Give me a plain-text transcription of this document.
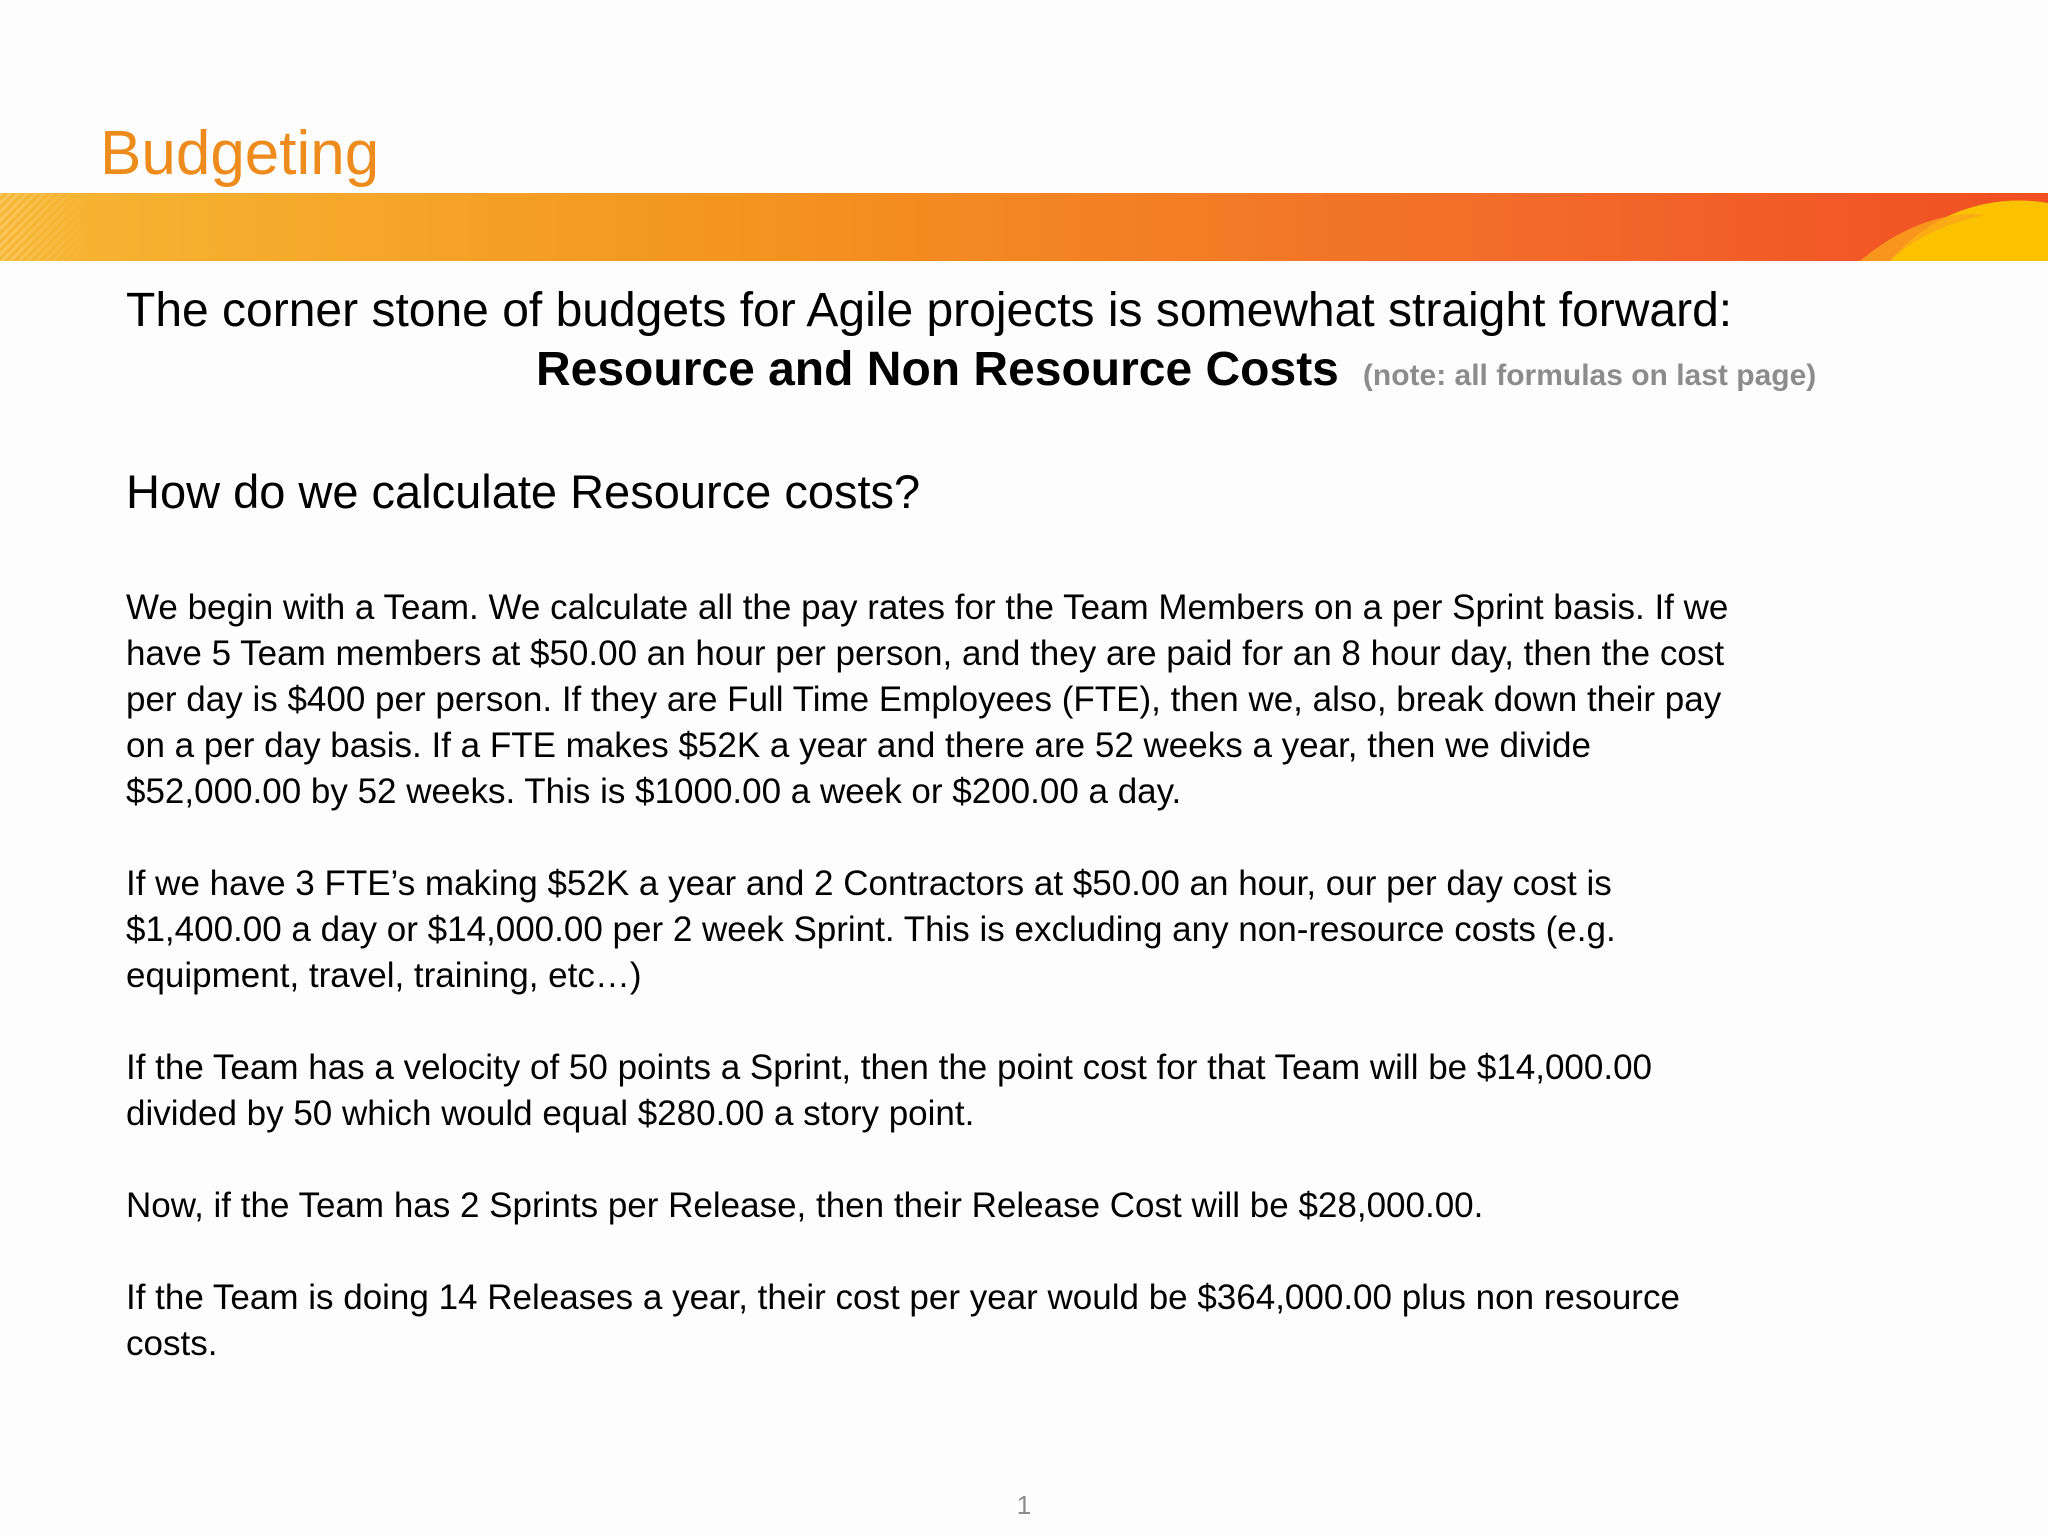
Budgeting

The corner stone of budgets for Agile projects is somewhat straight forward:

Resource and Non Resource Costs (note: all formulas on last page)

How do we calculate Resource costs?

We begin with a Team. We calculate all the pay rates for the Team Members on a per Sprint basis. If we
have 5 Team members at $50.00 an hour per person, and they are paid for an 8 hour day, then the cost
per day is $400 per person. If they are Full Time Employees (FTE), then we, also, break down their pay
on a per day basis. If a FTE makes $52K a year and there are 52 weeks a year, then we divide
$52,000.00 by 52 weeks. This is $1000.00 a week or $200.00 a day.
If we have 3 FTE’s making $52K a year and 2 Contractors at $50.00 an hour, our per day cost is
$1,400.00 a day or $14,000.00 per 2 week Sprint. This is excluding any non-resource costs (e.g.
equipment, travel, training, etc…)
If the Team has a velocity of 50 points a Sprint, then the point cost for that Team will be $14,000.00
divided by 50 which would equal $280.00 a story point.
Now, if the Team has 2 Sprints per Release, then their Release Cost will be $28,000.00.
If the Team is doing 14 Releases a year, their cost per year would be $364,000.00 plus non resource
costs.
1
